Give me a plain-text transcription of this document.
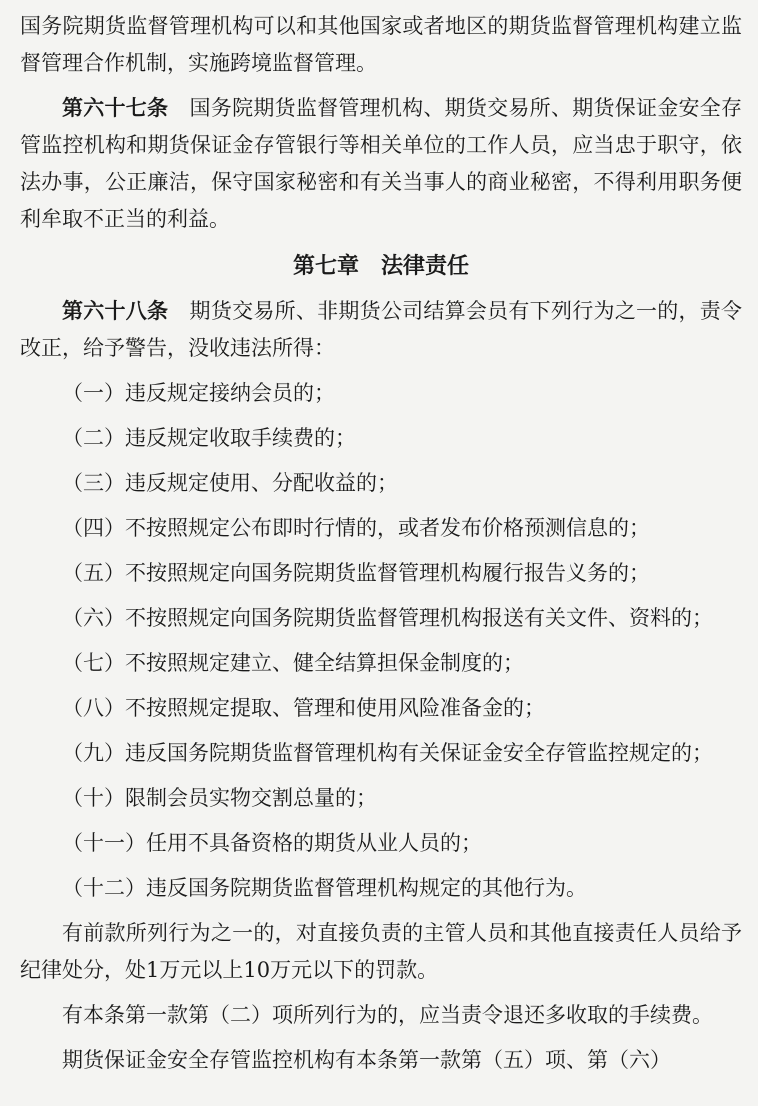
国务院期货监督管理机构可以和其他国家或者地区的期货监督管理机构建立监督管理合作机制，实施跨境监督管理。

第六十七条  国务院期货监督管理机构、期货交易所、期货保证金安全存管监控机构和期货保证金存管银行等相关单位的工作人员，应当忠于职守，依法办事，公正廉洁，保守国家秘密和有关当事人的商业秘密，不得利用职务便利牟取不正当的利益。

第七章  法律责任

第六十八条  期货交易所、非期货公司结算会员有下列行为之一的，责令改正，给予警告，没收违法所得：

（一）违反规定接纳会员的；
（二）违反规定收取手续费的；
（三）违反规定使用、分配收益的；
（四）不按照规定公布即时行情的，或者发布价格预测信息的；
（五）不按照规定向国务院期货监督管理机构履行报告义务的；
（六）不按照规定向国务院期货监督管理机构报送有关文件、资料的；
（七）不按照规定建立、健全结算担保金制度的；
（八）不按照规定提取、管理和使用风险准备金的；
（九）违反国务院期货监督管理机构有关保证金安全存管监控规定的；
（十）限制会员实物交割总量的；
（十一）任用不具备资格的期货从业人员的；
（十二）违反国务院期货监督管理机构规定的其他行为。

有前款所列行为之一的，对直接负责的主管人员和其他直接责任人员给予纪律处分，处1万元以上10万元以下的罚款。

有本条第一款第（二）项所列行为的，应当责令退还多收取的手续费。

期货保证金安全存管监控机构有本条第一款第（五）项、第（六）
